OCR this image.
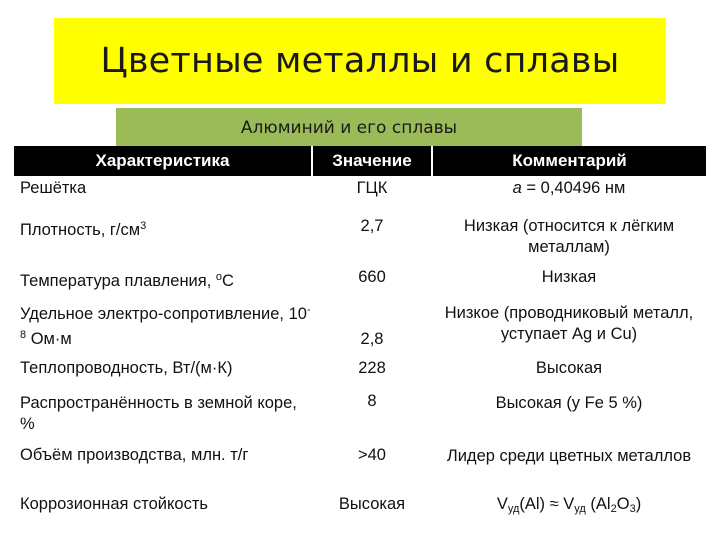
Цветные металлы и сплавы
Алюминий и его сплавы
Характеристика	Значение	Комментарий
Решётка	ГЦК	a = 0,40496 нм
Плотность, $г/см^3$	2,7	Низкая (относится к лёгким металлам)
Температура плавления, $^о$С	660	Низкая
Удельное электро-сопротивление, $10^{-8}$ Ом·м	2,8	Низкое (проводниковый металл, уступает Ag и Cu)
Теплопроводность, Вт/(м·К)	228	Высокая
Распространённость в земной коре, %	8	Высокая (у Fe 5 %)
Объём производства, млн. т/г	>40	Лидер среди цветных металлов
Коррозионная стойкость	Высокая	$V_{уд}(Al) \approx V_{уд}$ $(Al_2O_3)$
